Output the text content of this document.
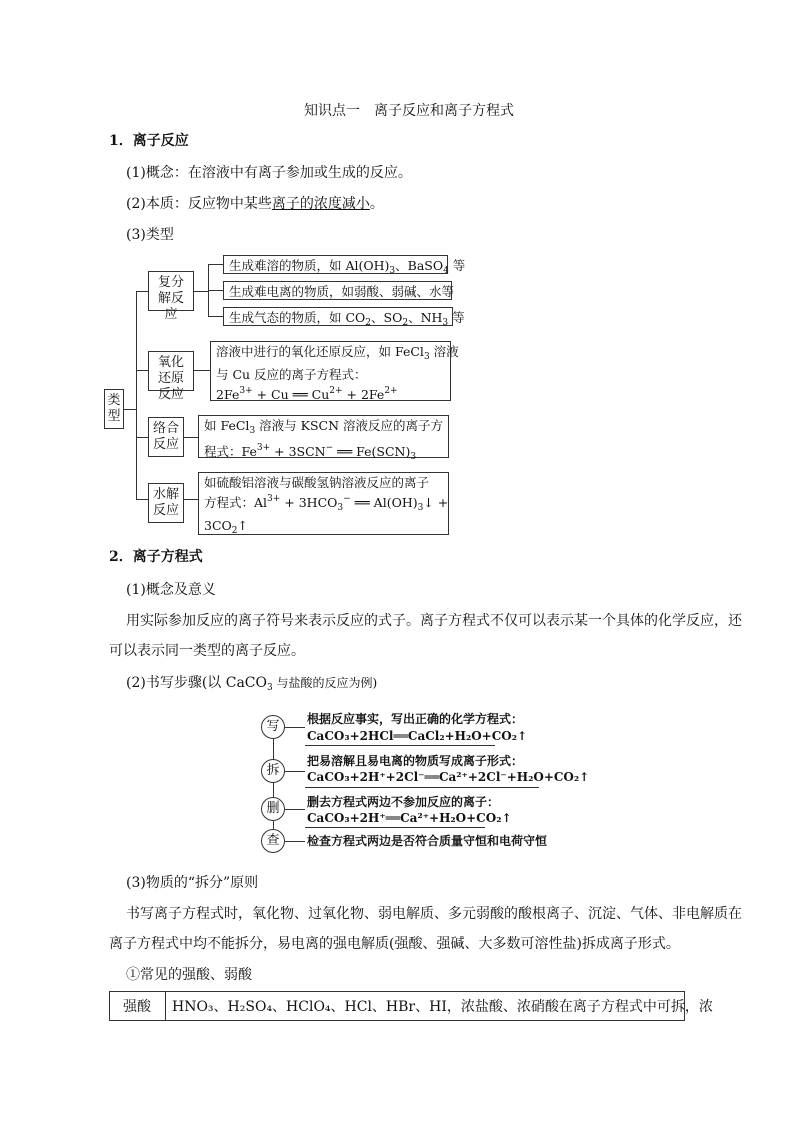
知识点一　离子反应和离子方程式
1．离子反应
(1)概念：在溶液中有离子参加或生成的反应。
(2)本质：反应物中某些离子的浓度减小。
(3)类型
类型
复分解反应
生成难溶的物质，如 $Al(OH)_3$、BaSO$_4$ 等
生成难电离的物质，如弱酸、弱碱、水等
生成气态的物质，如 $CO_2$、$SO_2$、$NH_3$ 等
氧化还原反应
溶液中进行的氧化还原反应，如 FeCl$_3$ 溶液
与 Cu 反应的离子方程式：
$2Fe^{3+} + Cu$ ══ $Cu^{2+} + 2Fe^{2+}$
络合反应
如 FeCl$_3$ 溶液与 KSCN 溶液反应的离子方
程式：$Fe^{3+} + 3SCN^-$ ══ $Fe(SCN)_3$
水解反应
如硫酸铝溶液与碳酸氢钠溶液反应的离子
方程式：$Al^{3+} + 3HCO_3^-$ ══ $Al(OH)_3↓$ +
$3CO_2↑$
2．离子方程式
(1)概念及意义
用实际参加反应的离子符号来表示反应的式子。离子方程式不仅可以表示某一个具体的化学反应，还
可以表示同一类型的离子反应。
(2)书写步骤(以 CaCO$_3$ 与盐酸的反应为例)
写	根据反应事实，写出正确的化学方程式：
CaCO₃+2HCl══CaCl₂+H₂O+CO₂↑
拆
把易溶解且易电离的物质写成离子形式：
CaCO₃+2H⁺+2Cl⁻══Ca²⁺+2Cl⁻+H₂O+CO₂↑
删	删去方程式两边不参加反应的离子：
CaCO₃+2H⁺══Ca²⁺+H₂O+CO₂↑
查	检查方程式两边是否符合质量守恒和电荷守恒
(3)物质的“拆分”原则
书写离子方程式时，氧化物、过氧化物、弱电解质、多元弱酸的酸根离子、沉淀、气体、非电解质在
离子方程式中均不能拆分，易电离的强电解质(强酸、强碱、大多数可溶性盐)拆成离子形式。
①常见的强酸、弱酸
强酸 HNO₃、H₂SO₄、HClO₄、HCl、HBr、HI，浓盐酸、浓硝酸在离子方程式中可拆，浓
